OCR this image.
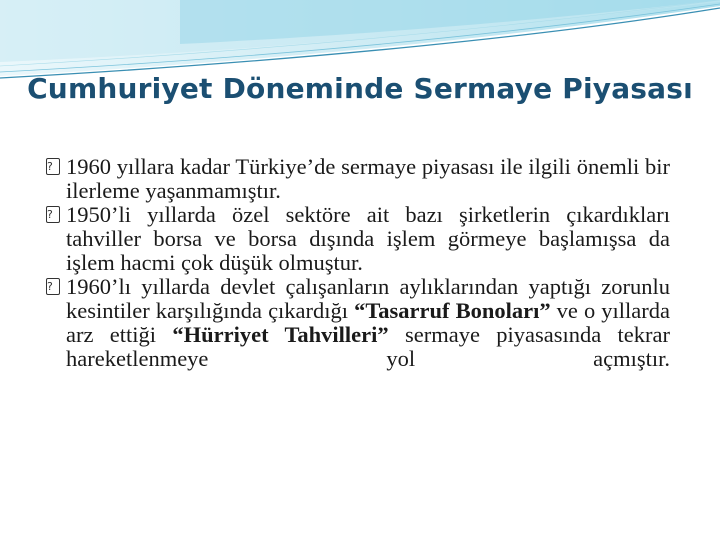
Cumhuriyet Döneminde Sermaye Piyasası

? 1960 yıllara kadar Türkiye’de sermaye piyasası ile ilgili önemli bir ilerleme yaşanmamıştır.

? 1950’li yıllarda özel sektöre ait bazı şirketlerin çıkardıkları tahviller borsa ve borsa dışında işlem görmeye başlamışsa da işlem hacmi çok düşük olmuştur.

? 1960’lı yıllarda devlet çalışanların aylıklarından yaptığı zorunlu kesintiler karşılığında çıkardığı “Tasarruf Bonoları” ve o yıllarda arz ettiği “Hürriyet Tahvilleri” sermaye piyasasında tekrar hareketlenmeye yol açmıştır.
